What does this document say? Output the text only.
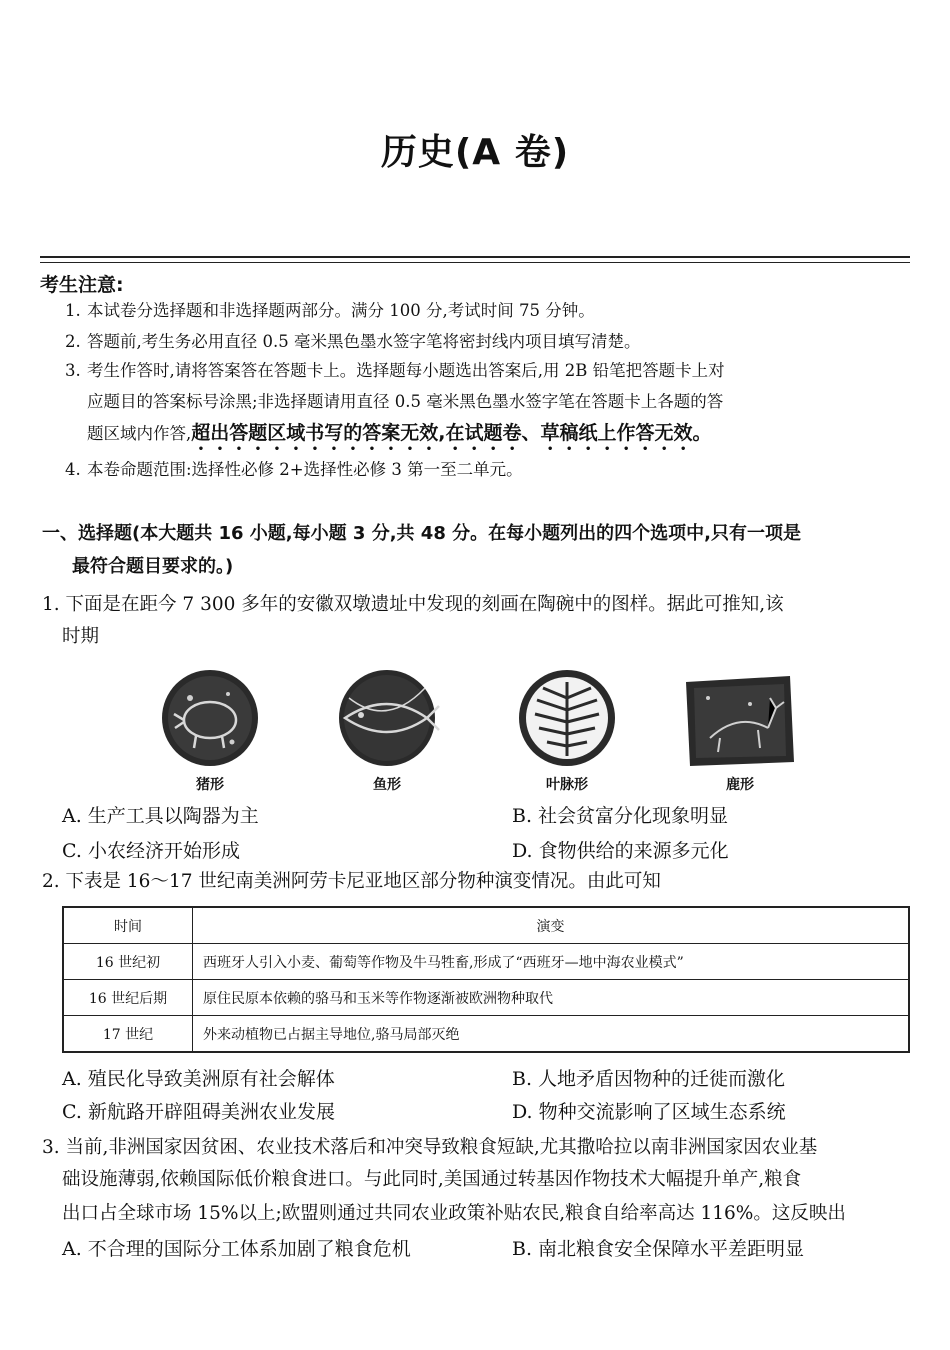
历史(A 卷)
考生注意:
1. 本试卷分选择题和非选择题两部分。满分 100 分,考试时间 75 分钟。
2. 答题前,考生务必用直径 0.5 毫米黑色墨水签字笔将密封线内项目填写清楚。
3. 考生作答时,请将答案答在答题卡上。选择题每小题选出答案后,用 2B 铅笔把答题卡上对
应题目的答案标号涂黑;非选择题请用直径 0.5 毫米黑色墨水签字笔在答题卡上各题的答
题区域内作答,超出答题区域书写的答案无效,在试题卷、草稿纸上作答无效。
4. 本卷命题范围:选择性必修 2+选择性必修 3 第一至二单元。
一、选择题(本大题共 16 小题,每小题 3 分,共 48 分。在每小题列出的四个选项中,只有一项是
最符合题目要求的。)
1. 下面是在距今 7 300 多年的安徽双墩遗址中发现的刻画在陶碗中的图样。据此可推知,该
时期
猪形	鱼形	叶脉形	鹿形
A. 生产工具以陶器为主	B. 社会贫富分化现象明显
C. 小农经济开始形成	D. 食物供给的来源多元化
2. 下表是 16～17 世纪南美洲阿劳卡尼亚地区部分物种演变情况。由此可知
时间	演变
16 世纪初	西班牙人引入小麦、葡萄等作物及牛马牲畜,形成了“西班牙—地中海农业模式”
16 世纪后期	原住民原本依赖的骆马和玉米等作物逐渐被欧洲物种取代
17 世纪	外来动植物已占据主导地位,骆马局部灭绝
A. 殖民化导致美洲原有社会解体	B. 人地矛盾因物种的迁徙而激化
C. 新航路开辟阻碍美洲农业发展	D. 物种交流影响了区域生态系统
3. 当前,非洲国家因贫困、农业技术落后和冲突导致粮食短缺,尤其撒哈拉以南非洲国家因农业基
础设施薄弱,依赖国际低价粮食进口。与此同时,美国通过转基因作物技术大幅提升单产,粮食
出口占全球市场 15%以上;欧盟则通过共同农业政策补贴农民,粮食自给率高达 116%。这反映出
A. 不合理的国际分工体系加剧了粮食危机	B. 南北粮食安全保障水平差距明显
